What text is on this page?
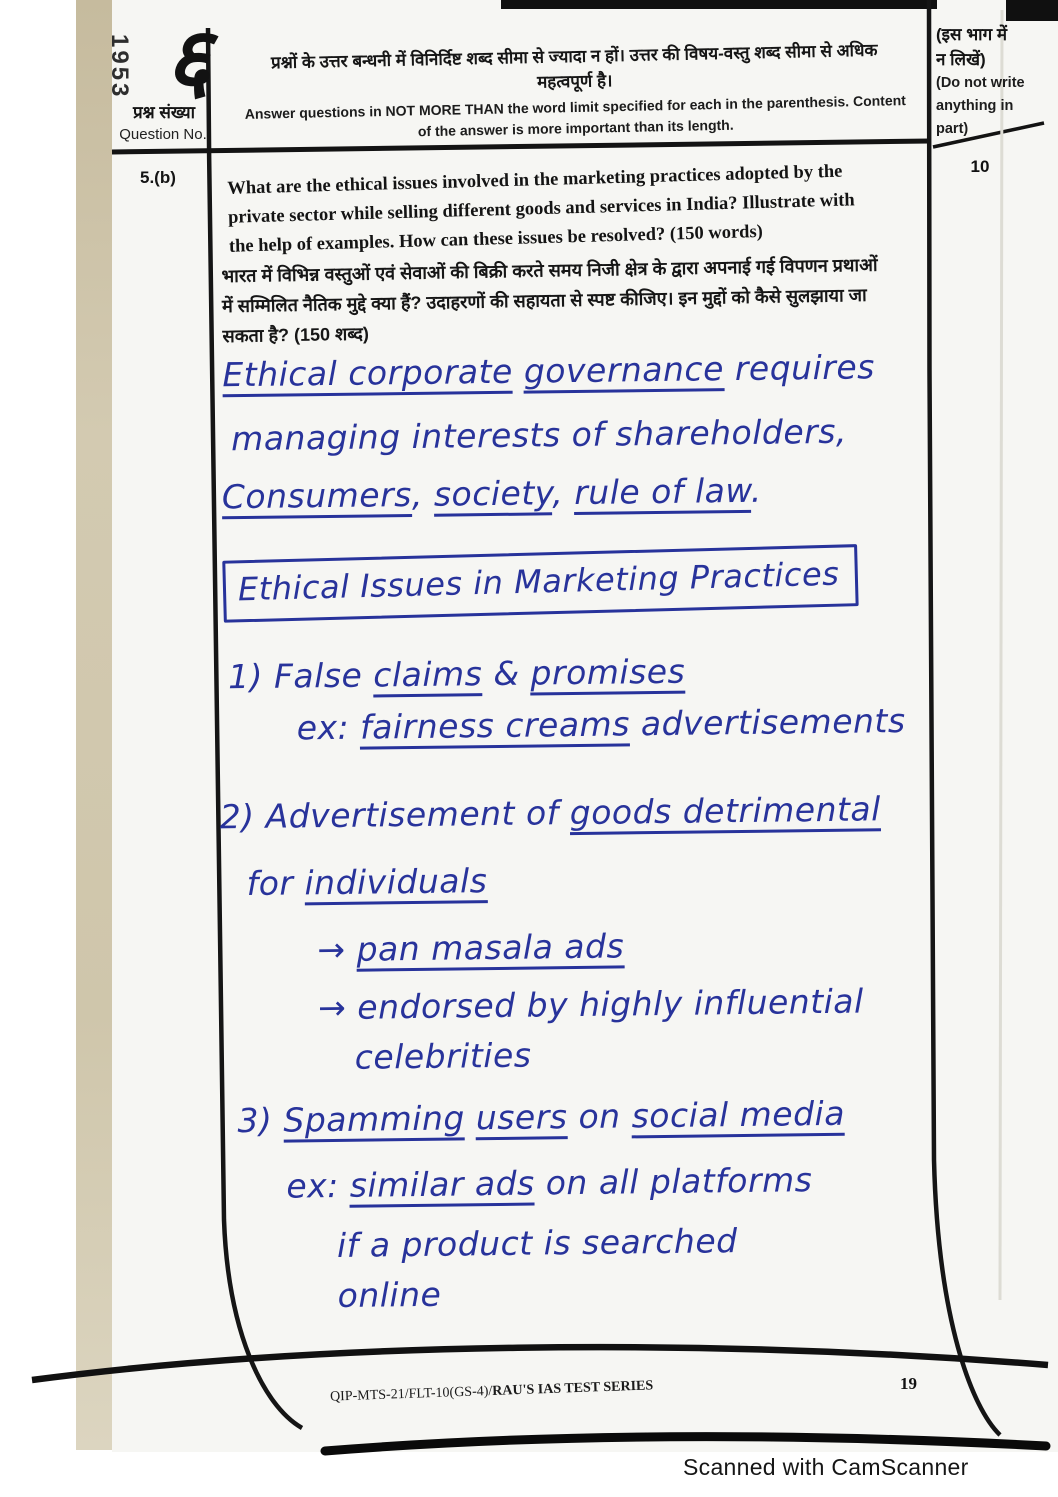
1953 ६
प्रश्न संख्या
Question No.
प्रश्नों के उत्तर बन्धनी में विनिर्दिष्ट शब्द सीमा से ज्यादा न हों। उत्तर की विषय-वस्तु शब्द सीमा से अधिक
महत्वपूर्ण है।
Answer questions in NOT MORE THAN the word limit specified for each in the parenthesis. Content
of the answer is more important than its length.
(इस भाग में
न लिखें)
(Do not write
anything in
part)
10
5.(b)	What are the ethical issues involved in the marketing practices adopted by the
private sector while selling different goods and services in India? Illustrate with
the help of examples. How can these issues be resolved? (150 words)
भारत में विभिन्न वस्तुओं एवं सेवाओं की बिक्री करते समय निजी क्षेत्र के द्वारा अपनाई गई विपणन प्रथाओं
में सम्मिलित नैतिक मुद्दे क्या हैं? उदाहरणों की सहायता से स्पष्ट कीजिए। इन मुद्दों को कैसे सुलझाया जा
सकता है? (150 शब्द)
Ethical corporate governance requires
managing interests of shareholders,
Consumers, society, rule of law.
Ethical Issues in Marketing Practices
1) False claims & promises
ex: fairness creams advertisements
2) Advertisement of goods detrimental
for individuals
→ pan masala ads
→ endorsed by highly influential
celebrities
3) Spamming users on social media
ex: similar ads on all platforms
if a product is searched
online
QIP-MTS-21/FLT-10(GS-4)/RAU'S IAS TEST SERIES	19
Scanned with CamScanner
